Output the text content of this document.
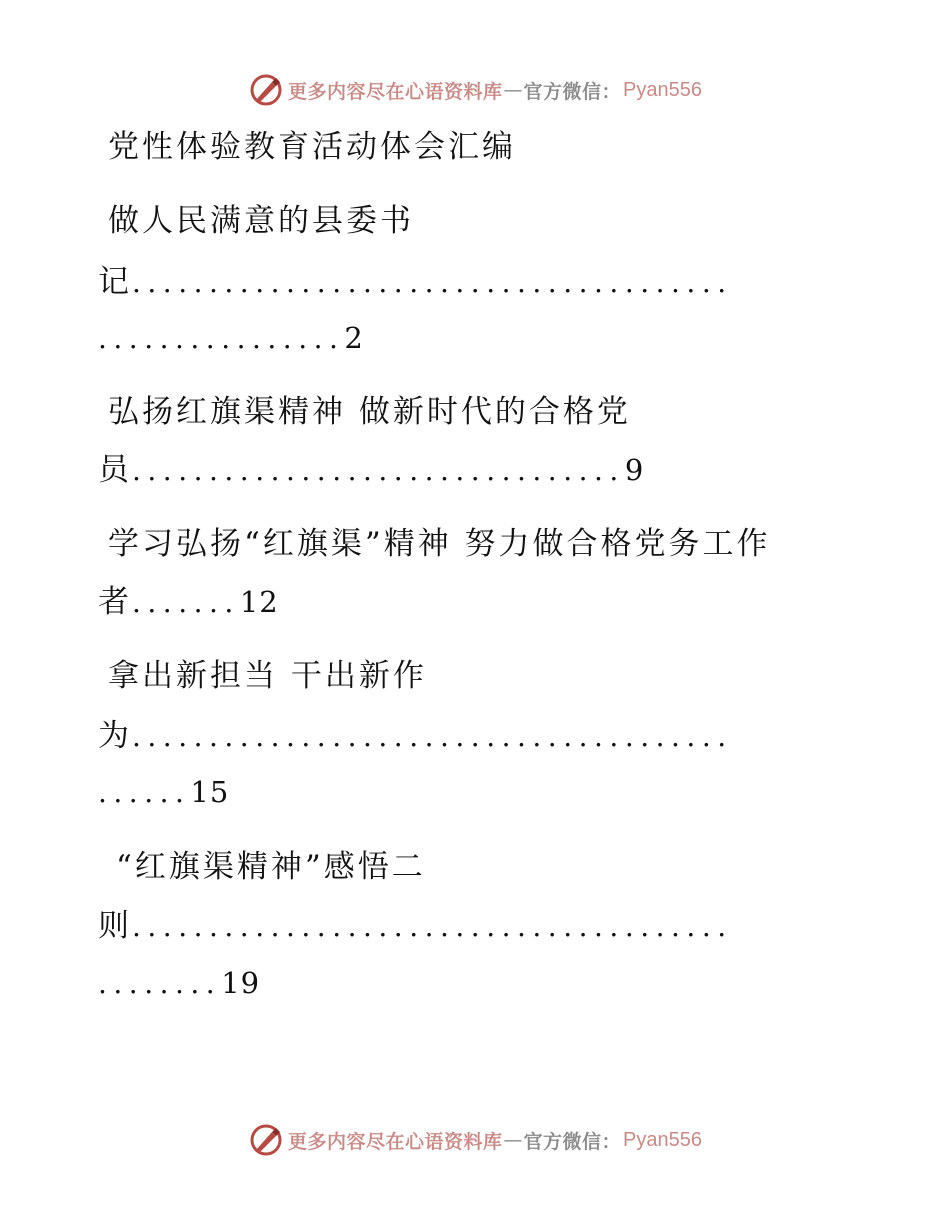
更多内容尽在心语资料库 — 官方微信： Pyan556
党性体验教育活动体会汇编
做人民满意的县委书
记.......................................
................2
弘扬红旗渠精神 做新时代的合格党
员................................9
学习弘扬“红旗渠”精神 努力做合格党务工作
者.......12
拿出新担当 干出新作
为.......................................
......15
“红旗渠精神”感悟二
则.......................................
........19
更多内容尽在心语资料库 — 官方微信： Pyan556
